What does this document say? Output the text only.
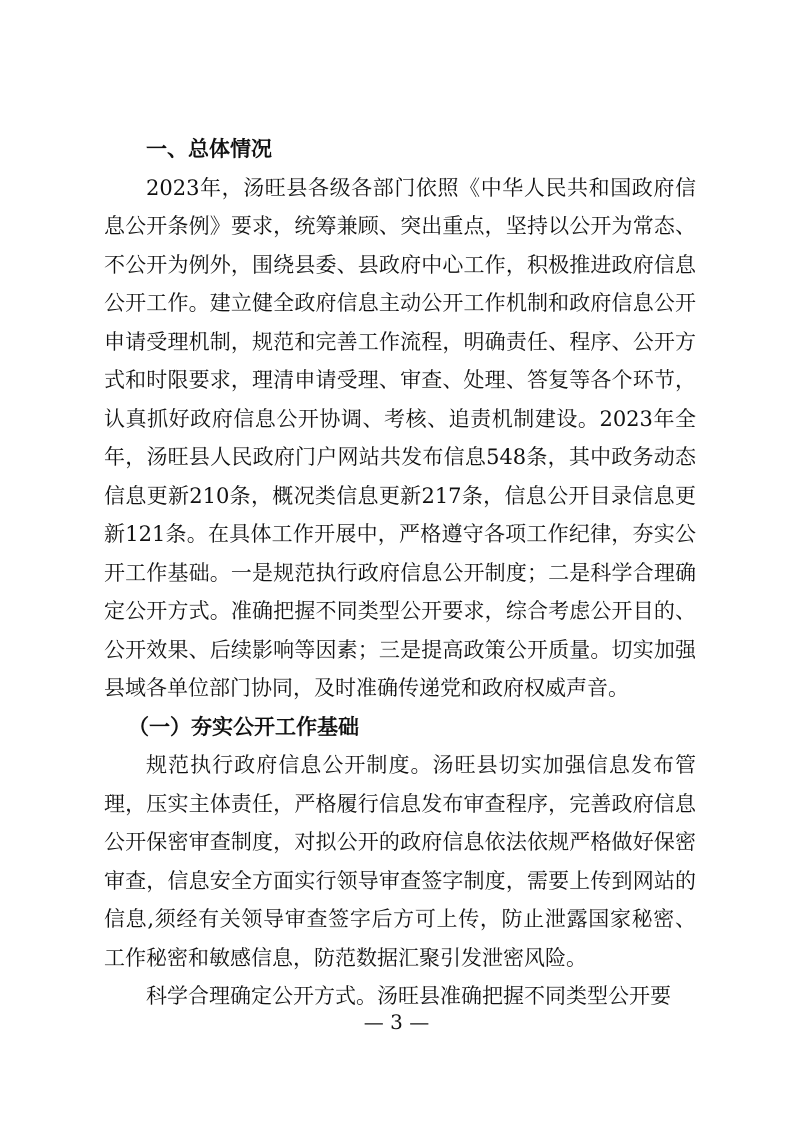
一、总体情况

2023年，汤旺县各级各部门依照《中华人民共和国政府信息公开条例》要求，统筹兼顾、突出重点，坚持以公开为常态、不公开为例外，围绕县委、县政府中心工作，积极推进政府信息公开工作。建立健全政府信息主动公开工作机制和政府信息公开申请受理机制，规范和完善工作流程，明确责任、程序、公开方式和时限要求，理清申请受理、审查、处理、答复等各个环节，认真抓好政府信息公开协调、考核、追责机制建设。2023年全年，汤旺县人民政府门户网站共发布信息548条，其中政务动态信息更新210条，概况类信息更新217条，信息公开目录信息更新121条。在具体工作开展中，严格遵守各项工作纪律，夯实公开工作基础。一是规范执行政府信息公开制度；二是科学合理确定公开方式。准确把握不同类型公开要求，综合考虑公开目的、公开效果、后续影响等因素；三是提高政策公开质量。切实加强县域各单位部门协同，及时准确传递党和政府权威声音。

（一）夯实公开工作基础

规范执行政府信息公开制度。汤旺县切实加强信息发布管理，压实主体责任，严格履行信息发布审查程序，完善政府信息公开保密审查制度，对拟公开的政府信息依法依规严格做好保密审查，信息安全方面实行领导审查签字制度，需要上传到网站的信息,须经有关领导审查签字后方可上传，防止泄露国家秘密、工作秘密和敏感信息，防范数据汇聚引发泄密风险。

科学合理确定公开方式。汤旺县准确把握不同类型公开要

— 3 —
